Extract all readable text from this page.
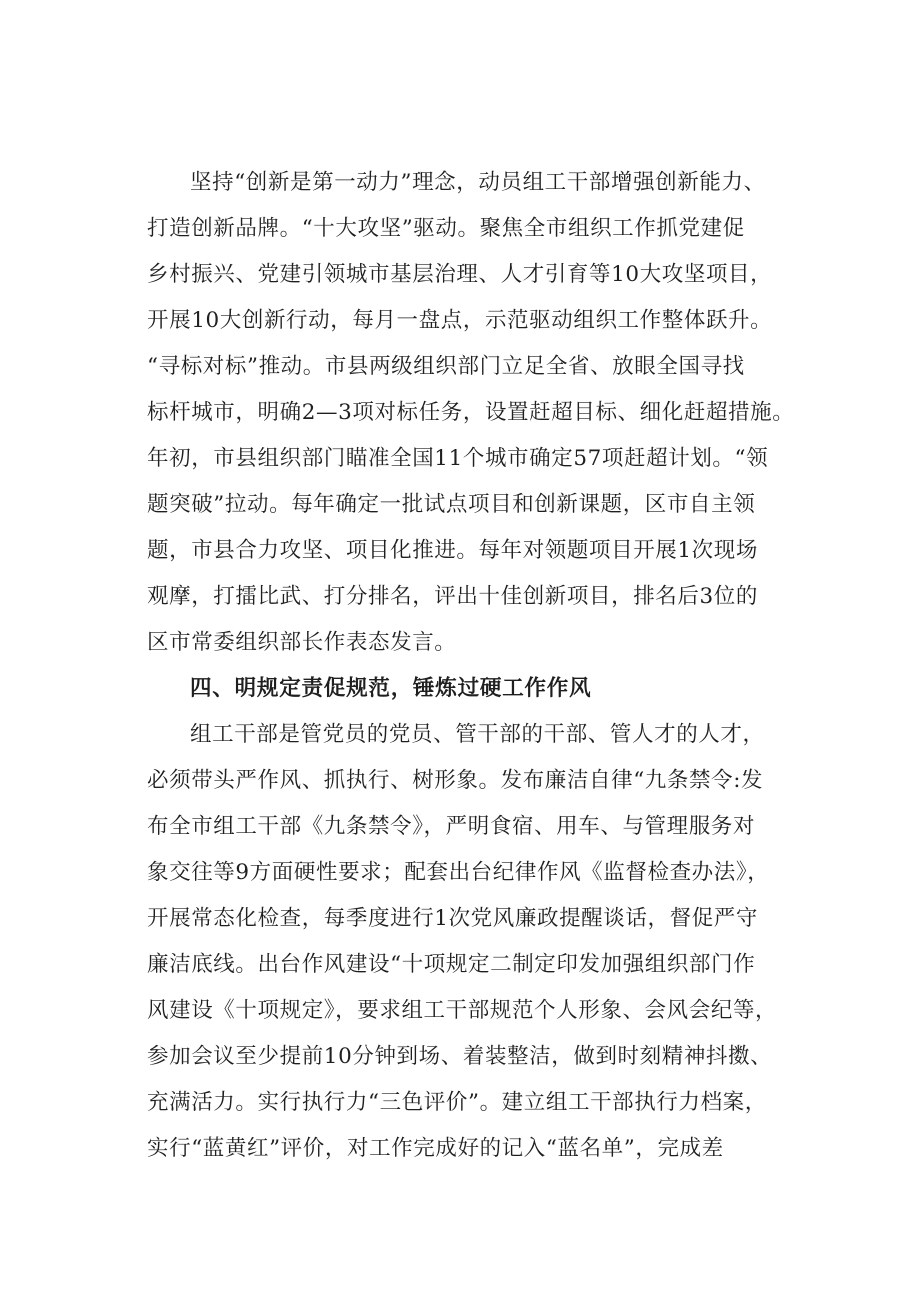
坚持“创新是第一动力”理念，动员组工干部增强创新能力、
打造创新品牌。“十大攻坚”驱动。聚焦全市组织工作抓党建促
乡村振兴、党建引领城市基层治理、人才引育等10大攻坚项目，
开展10大创新行动，每月一盘点，示范驱动组织工作整体跃升。
“寻标对标”推动。市县两级组织部门立足全省、放眼全国寻找
标杆城市，明确2—3项对标任务，设置赶超目标、细化赶超措施。
年初，市县组织部门瞄准全国11个城市确定57项赶超计划。“领
题突破”拉动。每年确定一批试点项目和创新课题，区市自主领
题，市县合力攻坚、项目化推进。每年对领题项目开展1次现场
观摩，打擂比武、打分排名，评出十佳创新项目，排名后3位的
区市常委组织部长作表态发言。
四、明规定责促规范，锤炼过硬工作作风
组工干部是管党员的党员、管干部的干部、管人才的人才，
必须带头严作风、抓执行、树形象。发布廉洁自律“九条禁令:发
布全市组工干部《九条禁令》，严明食宿、用车、与管理服务对
象交往等9方面硬性要求；配套出台纪律作风《监督检查办法》，
开展常态化检查，每季度进行1次党风廉政提醒谈话，督促严守
廉洁底线。出台作风建设“十项规定二制定印发加强组织部门作
风建设《十项规定》，要求组工干部规范个人形象、会风会纪等，
参加会议至少提前10分钟到场、着装整洁，做到时刻精神抖擞、
充满活力。实行执行力“三色评价”。建立组工干部执行力档案，
实行“蓝黄红”评价，对工作完成好的记入“蓝名单”，完成差
